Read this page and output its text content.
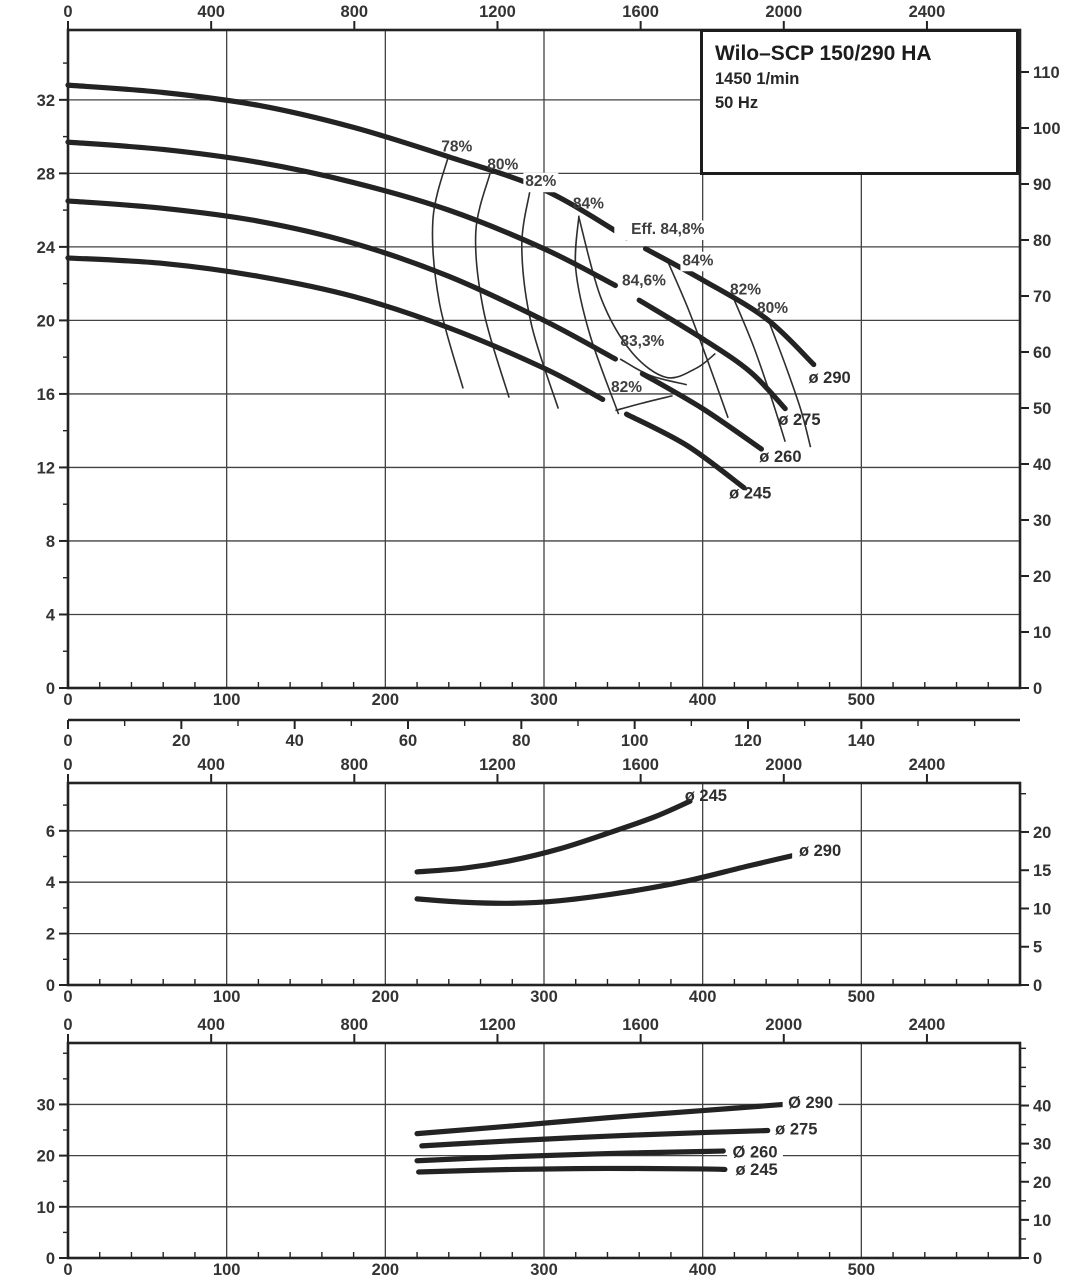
78%
80%
82%
84%
84%
82%
80%
Eff. 84,8%
84,6%
83,3%
82%
ø 290
ø 275
ø 260
ø 245
0	400	800	1200	1600	2000	2400
0	100	200	300	400	500
0
4
8
12
16
20
24
28
32
0
10
20
30
40
50
60
70
80
90
100
110
0	20	40	60	80	100	120	140
ø 245
ø 290
0	400	800	1200	1600	2000	2400
0	100	200	300	400	500
0
2
4
6
0
5
10
15
20
Ø 290
ø 275
Ø 260
ø 245
0	400	800	1200	1600	2000	2400
0	100	200	300	400	500
0
10
20
30
0
10
20
30
40
Wilo–SCP 150/290 HA
1450 1/min
50 Hz
